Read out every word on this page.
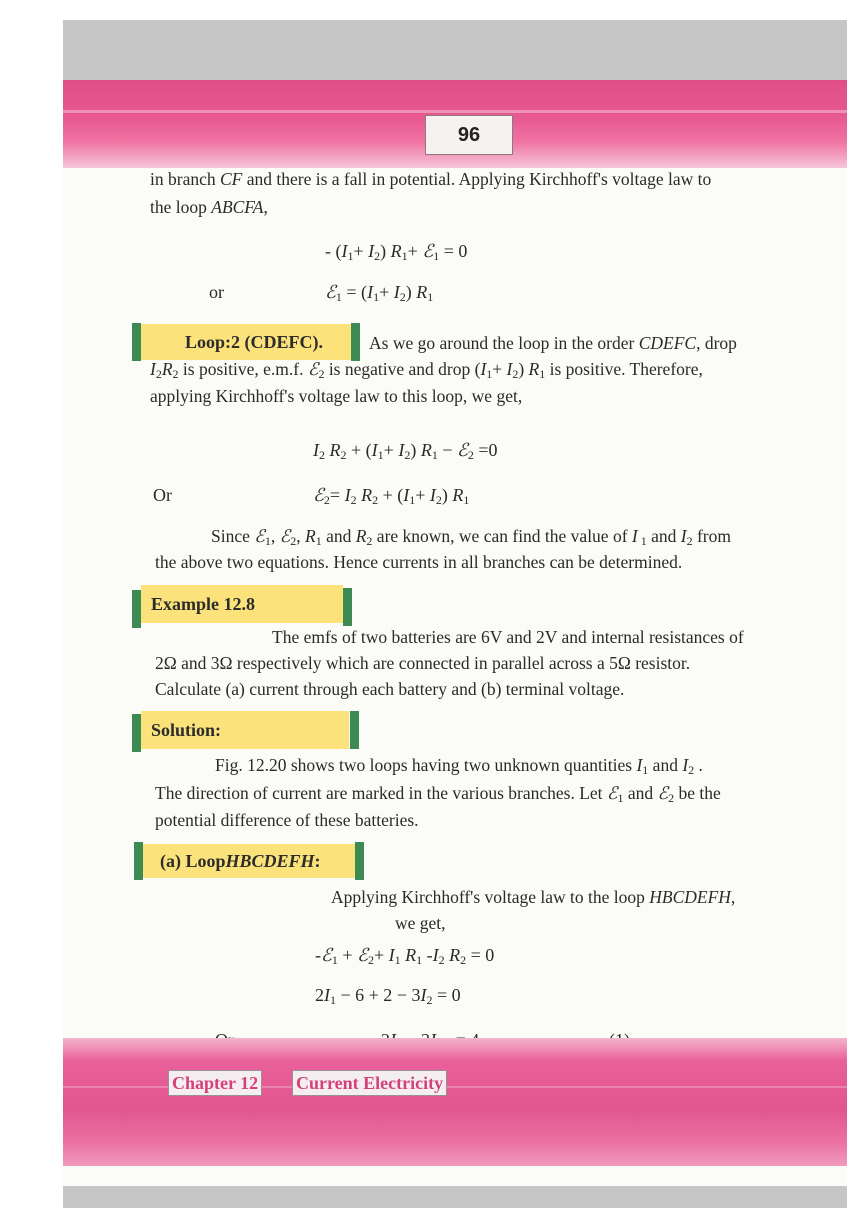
96
in branch CF and there is a fall in potential. Applying Kirchhoff's voltage law to
the loop ABCFA,
- $(I_1+ I_2)$ $R_1+$ ℰ$_1$ = 0
or	ℰ$_1$ = $(I_1+ I_2)$ $R_1$
Loop:2 (CDEFC).	As we go around the loop in the order CDEFC, drop
$I_2R_2$ is positive, e.m.f. ℰ$_2$ is negative and drop $(I_1+ I_2)$ $R_1$ is positive. Therefore,
applying Kirchhoff's voltage law to this loop, we get,
$I_2$ $R_2 + (I_1+ I_2) R_1$ − ℰ$_2$ =0
Or	ℰ$_2$= $I_2$ $R_2 + (I_1+ I_2)$ $R_1$
Since ℰ$_1$, ℰ$_2$, $R_1$ and $R_2$ are known, we can find the value of I $_1$ and $I_2$ from
the above two equations. Hence currents in all branches can be determined.
Example 12.8
The emfs of two batteries are 6V and 2V and internal resistances of
2Ω and 3Ω respectively which are connected in parallel across a 5Ω resistor.
Calculate (a) current through each battery and (b) terminal voltage.
Solution:
Fig. 12.20 shows two loops having two unknown quantities $I_1$ and $I_2$ .
The direction of current are marked in the various branches. Let ℰ$_1$ and ℰ$_2$ be the
potential difference of these batteries.
(a) Loop HBCDEFH :
Applying Kirchhoff's voltage law to the loop HBCDEFH,
we get,
-ℰ$_1$ + ℰ$_2$+ $I_1$ $R_1$ $-I_2$ $R_2 = 0$
$2I_1 - 6 + 2 - 3I_2 = 0$
Chapter 12 Current Electricity
